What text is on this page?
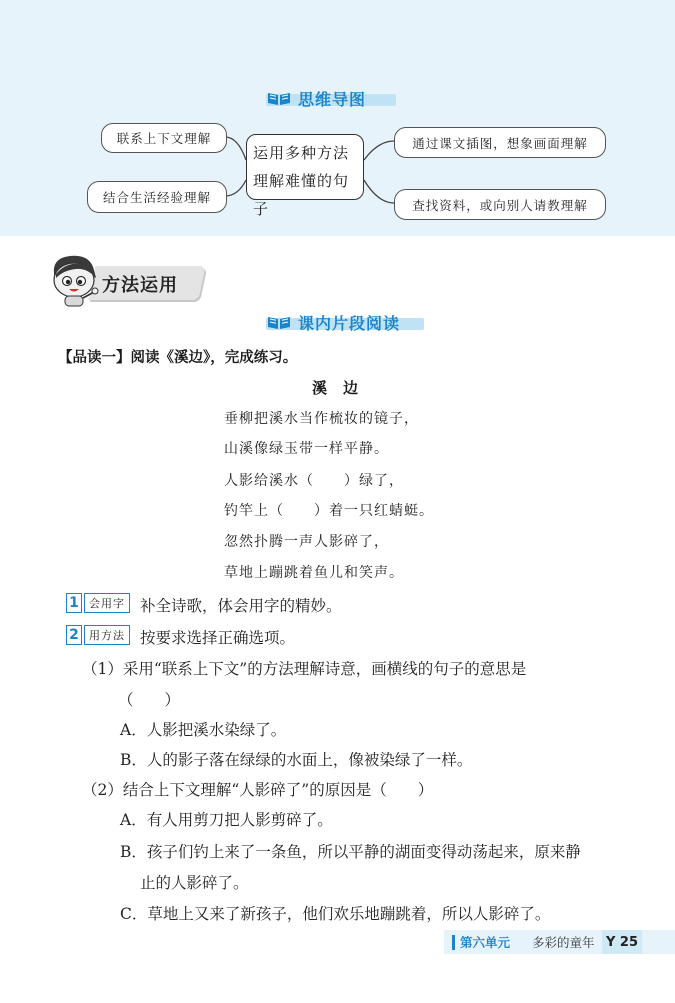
思维导图
联系上下文理解
结合生活经验理解
运用多种方法
理解难懂的句子
通过课文插图，想象画面理解
查找资料，或向别人请教理解
方法运用
课内片段阅读
【品读一】阅读《溪边》，完成练习。
溪边
垂柳把溪水当作梳妆的镜子，
山溪像绿玉带一样平静。
人影给溪水（　　）绿了，
钓竿上（　　）着一只红蜻蜓。
忽然扑腾一声人影碎了，
草地上蹦跳着鱼儿和笑声。
1 会用字 补全诗歌，体会用字的精妙。
2 用方法 按要求选择正确选项。
（1）采用“联系上下文”的方法理解诗意，画横线的句子的意思是
（　　）
A．人影把溪水染绿了。
B．人的影子落在绿绿的水面上，像被染绿了一样。
（2）结合上下文理解“人影碎了”的原因是（　　）
A．有人用剪刀把人影剪碎了。
B．孩子们钓上来了一条鱼，所以平静的湖面变得动荡起来，原来静
止的人影碎了。
C．草地上又来了新孩子，他们欢乐地蹦跳着，所以人影碎了。
第六单元 多彩的童年 Y 25
